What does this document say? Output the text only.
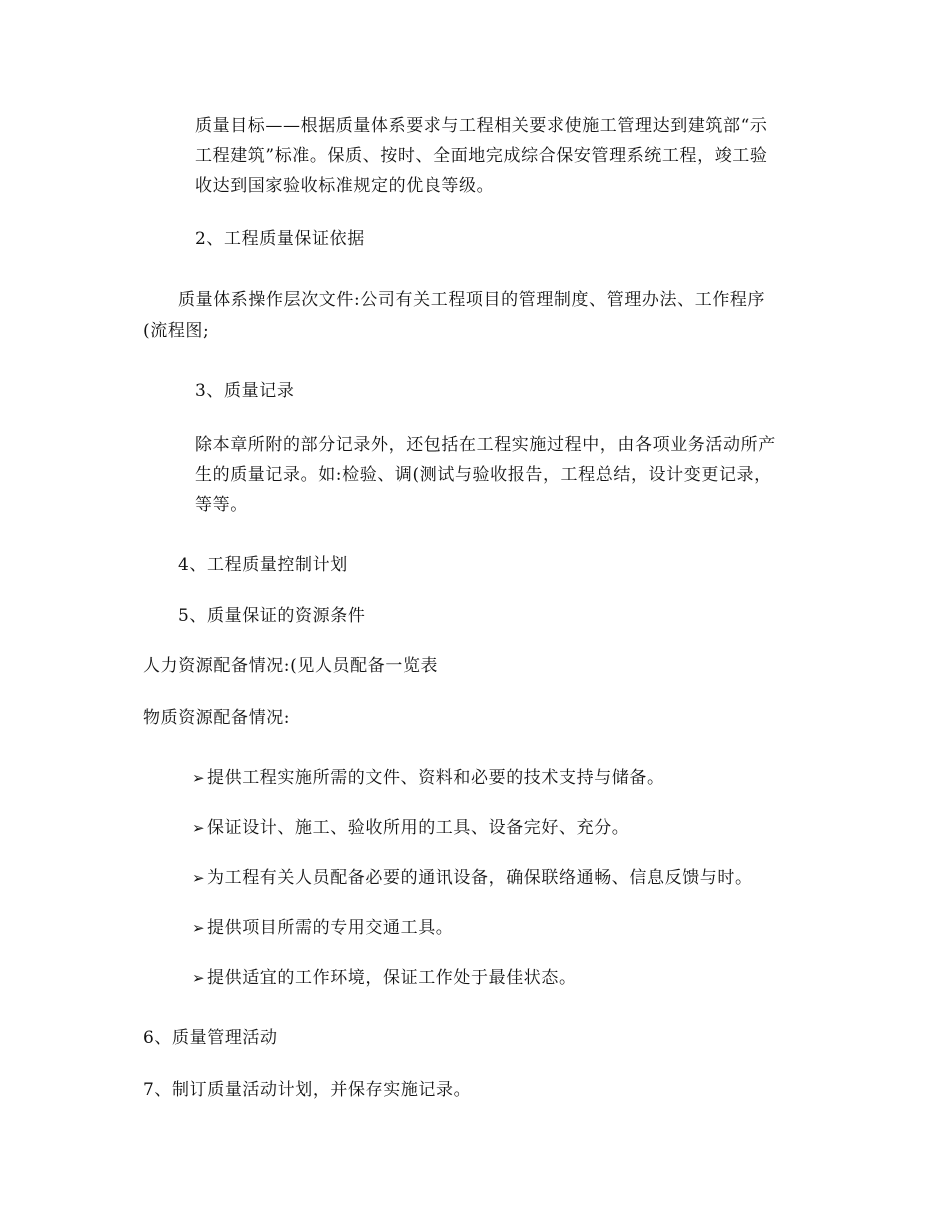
质量目标——根据质量体系要求与工程相关要求使施工管理达到建筑部“示
工程建筑”标准。保质、按时、全面地完成综合保安管理系统工程，竣工验
收达到国家验收标准规定的优良等级。
2、工程质量保证依据
质量体系操作层次文件:公司有关工程项目的管理制度、管理办法、工作程序
(流程图;
3、质量记录
除本章所附的部分记录外，还包括在工程实施过程中，由各项业务活动所产
生的质量记录。如:检验、调(测试与验收报告，工程总结，设计变更记录，
等等。
4、工程质量控制计划
5、质量保证的资源条件
人力资源配备情况:(见人员配备一览表
物质资源配备情况:
➢ 提供工程实施所需的文件、资料和必要的技术支持与储备。
➢ 保证设计、施工、验收所用的工具、设备完好、充分。
➢ 为工程有关人员配备必要的通讯设备，确保联络通畅、信息反馈与时。
➢ 提供项目所需的专用交通工具。
➢ 提供适宜的工作环境，保证工作处于最佳状态。
6、质量管理活动
7、制订质量活动计划，并保存实施记录。
